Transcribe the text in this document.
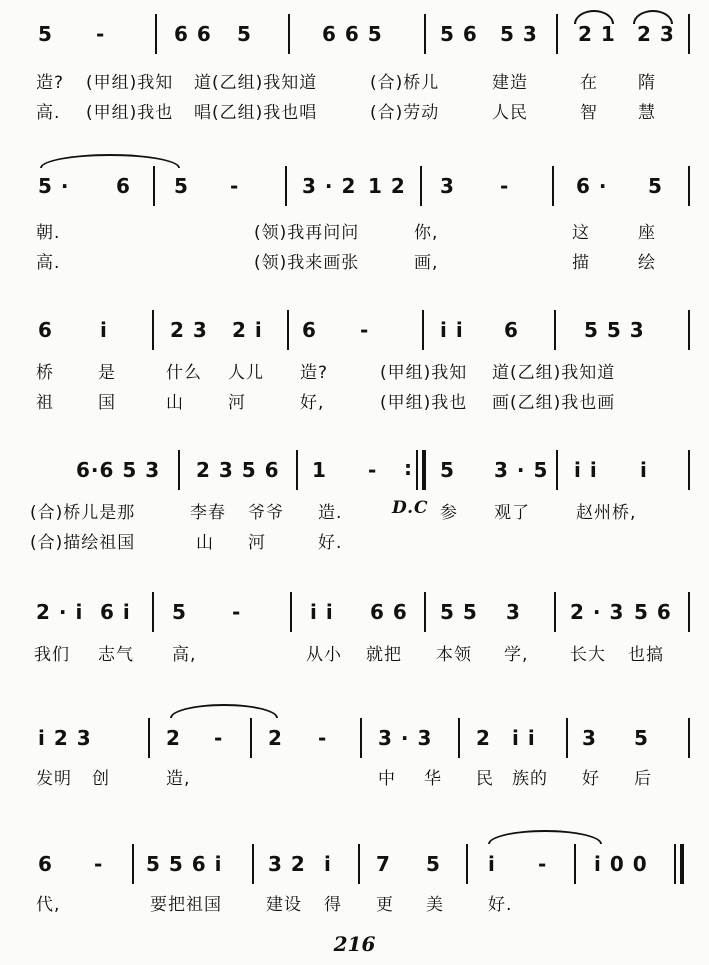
5 -	6 6 5	6 6 5	5 6 5 3 2 1 2 3
造? (甲组)我知 道(乙组)我知道	(合)桥儿	建造	在 隋
高. (甲组)我也 唱(乙组)我也唱	(合)劳动	人民	智 慧
5 · 6 5 -	3 · 2 1 2 3 -	6 · 5
朝.	(领)我再问问	你,	这	座
高.	(领)我来画张	画,	描	绘
6 i	2 3 2 i 6 -	i i 6	5 5 3
桥	是	什么 人儿 造?	(甲组)我知 道(乙组)我知道
祖	国	山	河	好,	(甲组)我也 画(乙组)我也画
6·6 5 3 2 3 5 6 1 - : 5 3 · 5 i i i
(合)桥儿是那	李春 爷爷 造.	D.C 参 观了	赵州桥,
(合)描绘祖国	山 河	好.
2 · i 6 i 5 -	i i 6 6 5 5 3 2 · 3 5 6
我们 志气 高,	从小 就把 本领 学, 长大 也搞
i 2 3	2 - 2 -	3 · 3 2 i i 3 5
发明 创	造,	中 华 民 族的 好 后
6 - 5 5 6 i 3 2 i 7 5 i - i 0 0
代,	要把祖国	建设 得 更 美	好.
216
